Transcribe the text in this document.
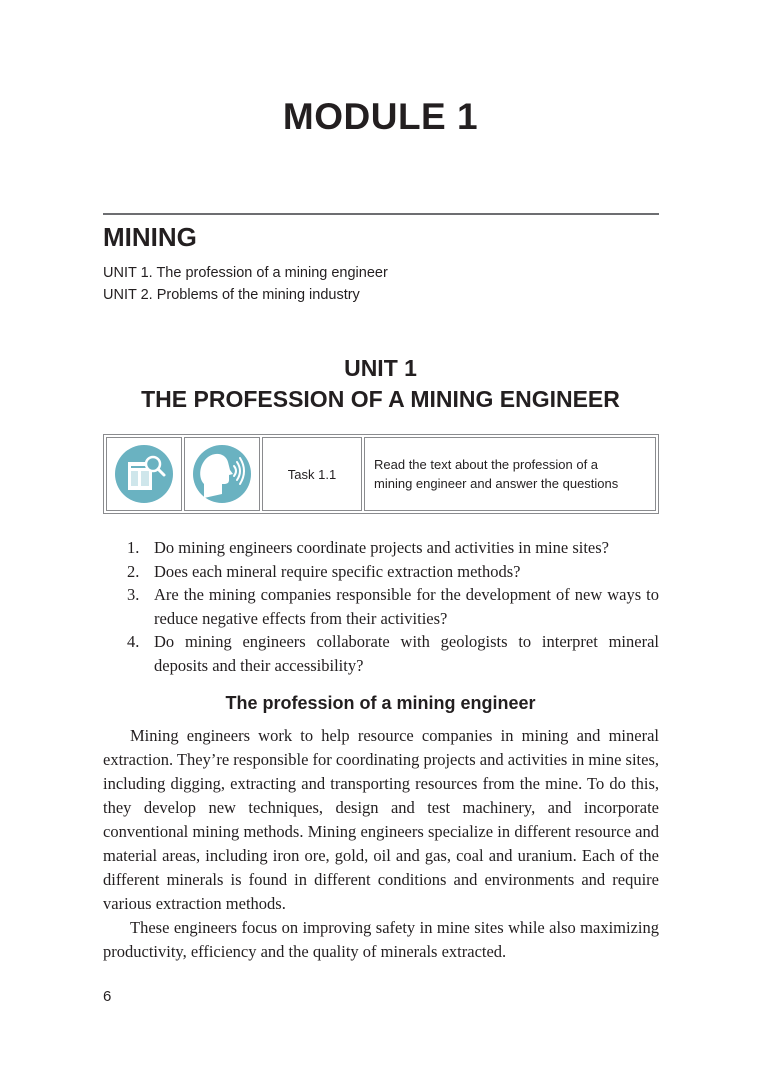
MODULE 1
MINING
UNIT 1. The profession of a mining engineer
UNIT 2. Problems of the mining industry
UNIT 1
THE PROFESSION OF A MINING ENGINEER
Task 1.1
Read the text about the profession of a
mining engineer and answer the questions
1. Do mining engineers coordinate projects and activities in mine sites?
2. Does each mineral require specific extraction methods?
3. Are the mining companies responsible for the development of new ways to reduce negative effects from their activities?
4. Do mining engineers collaborate with geologists to interpret mineral deposits and their accessibility?
The profession of a mining engineer

Mining engineers work to help resource companies in mining and mineral extraction. They’re responsible for coordinating projects and activities in mine sites, including digging, extracting and transporting resources from the mine. To do this, they develop new techniques, design and test machinery, and incorporate conventional mining methods. Mining engineers specialize in different resource and material areas, including iron ore, gold, oil and gas, coal and uranium. Each of the different minerals is found in different conditions and environments and require various extraction methods.

These engineers focus on improving safety in mine sites while also maximizing productivity, efficiency and the quality of minerals extracted.

6
